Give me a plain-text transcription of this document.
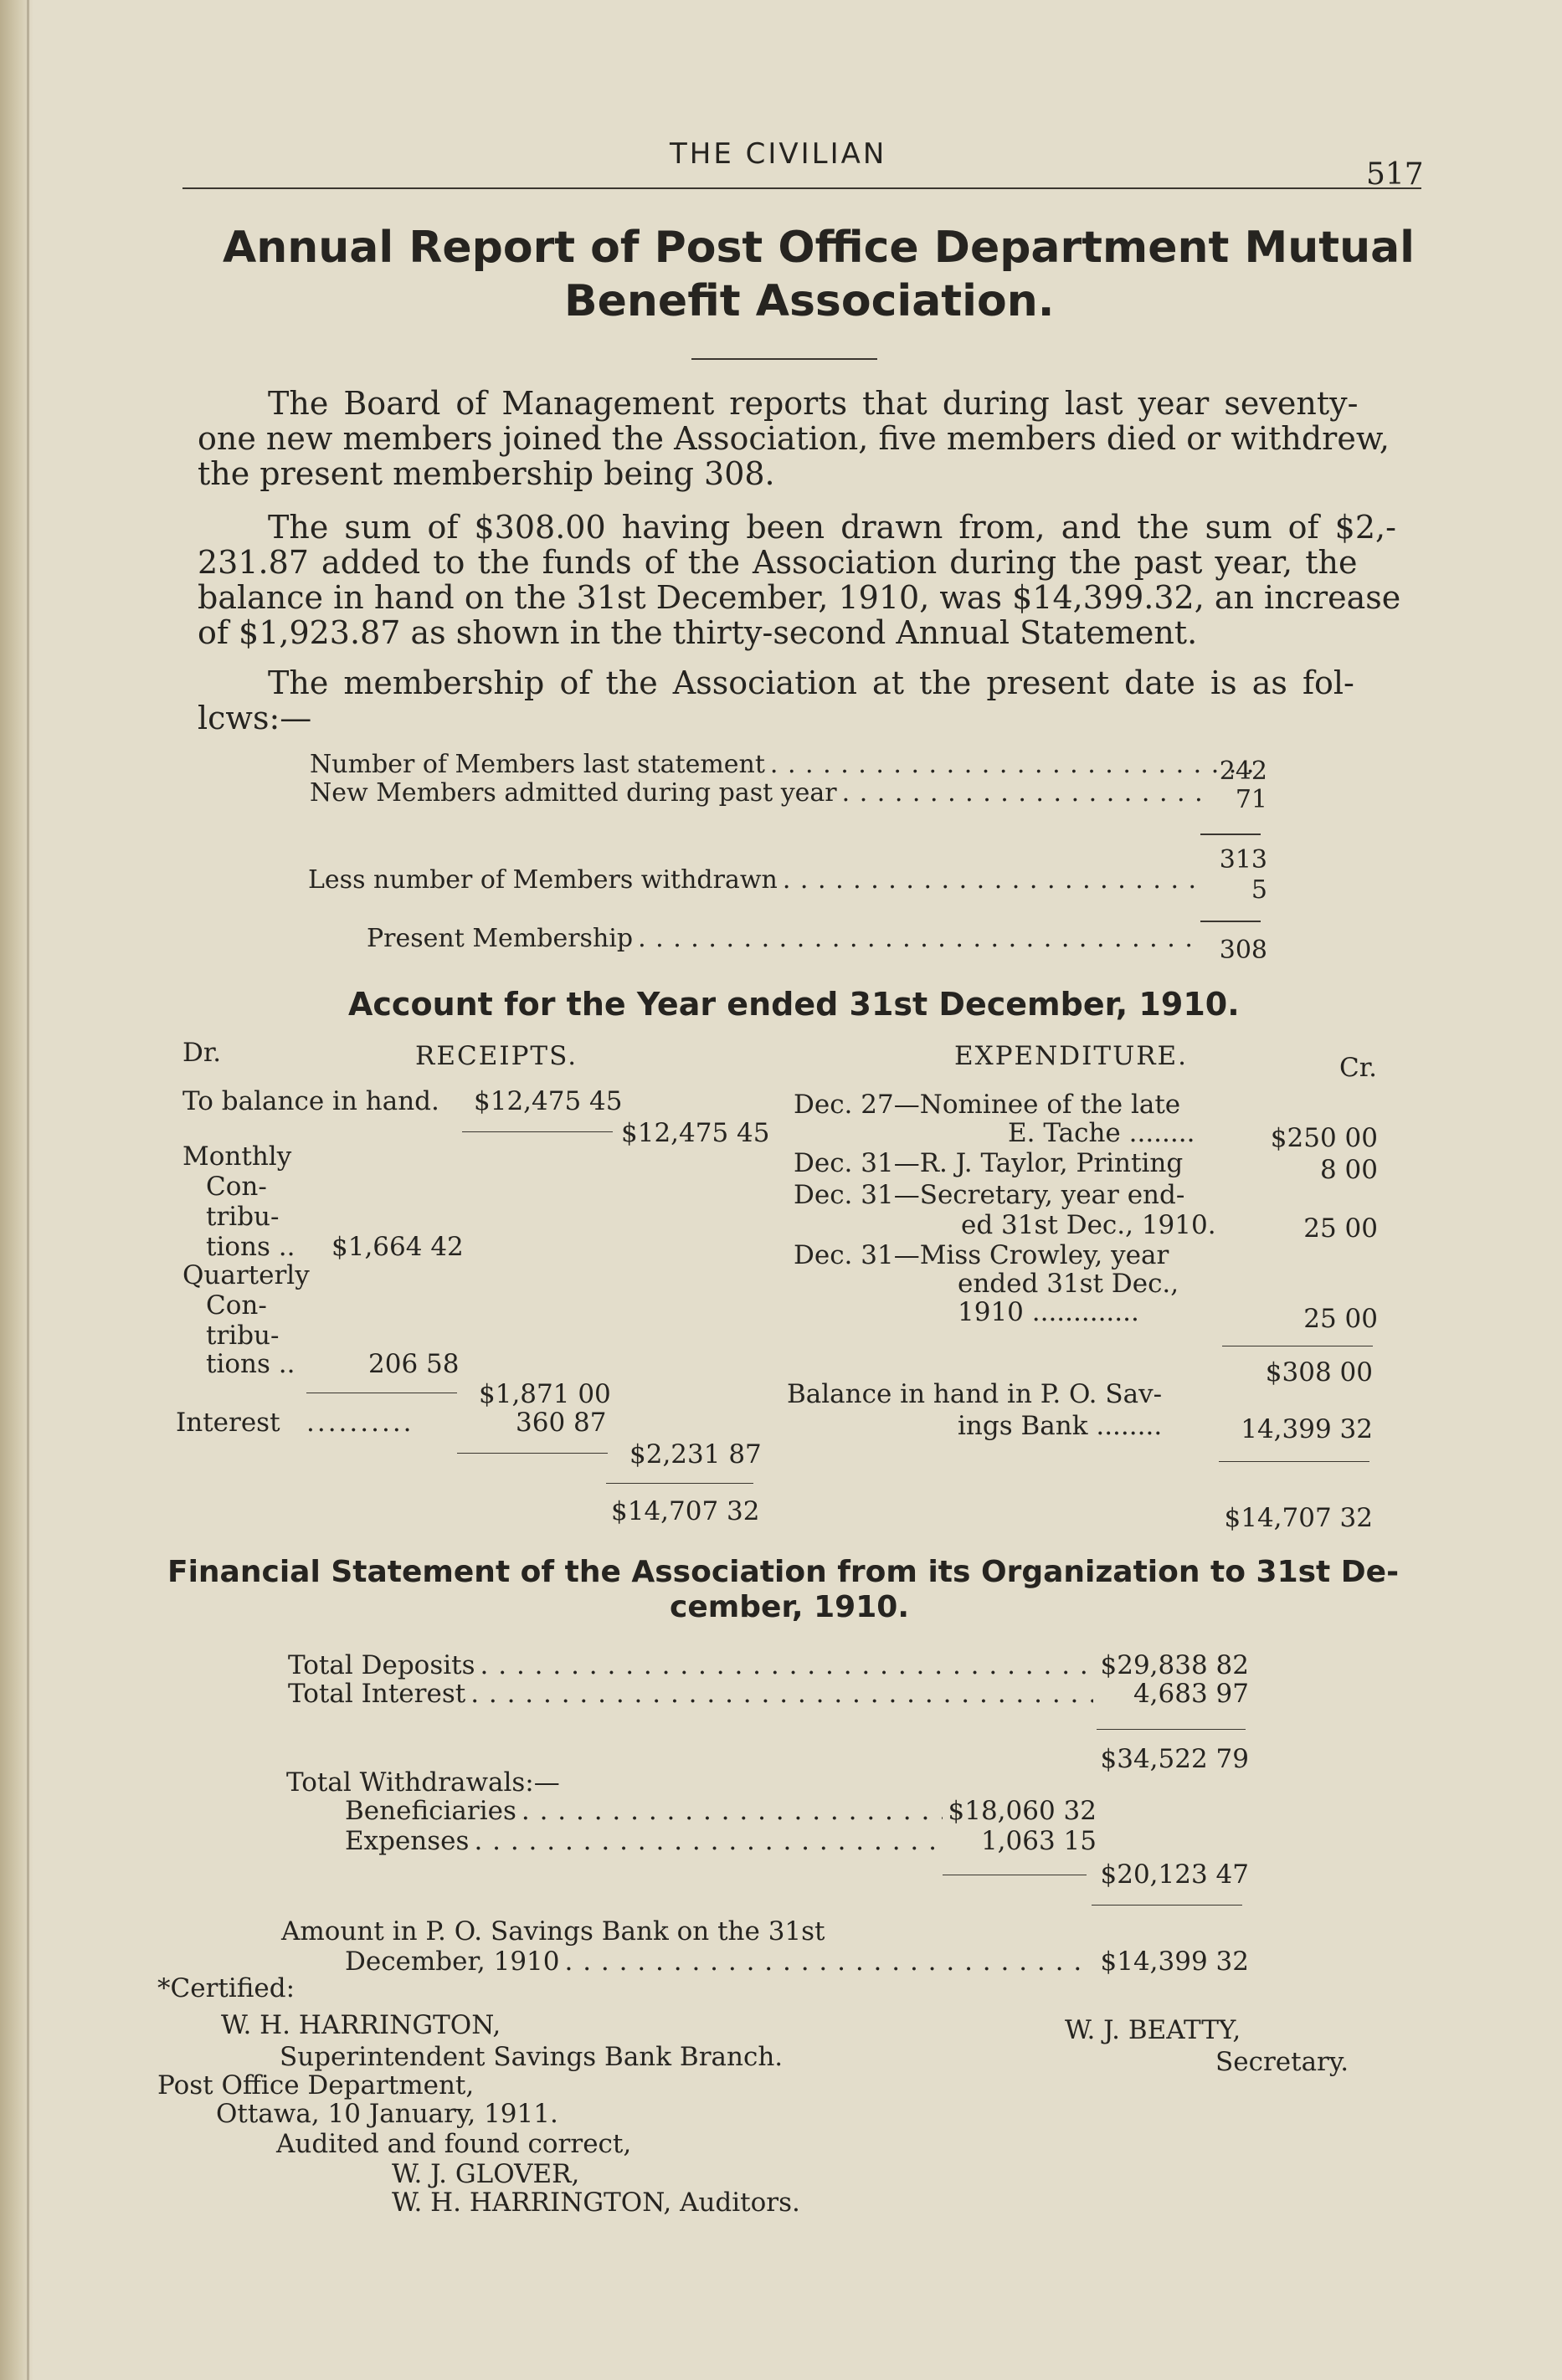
THE CIVILIAN
517
Annual Report of Post Office Department Mutual
Benefit Association.
The Board of Management reports that during last year seventy-
one new members joined the Association, five members died or withdrew,
the present membership being 308.
The sum of $308.00 having been drawn from, and the sum of $2,-
231.87 added to the funds of the Association during the past year, the
balance in hand on the 31st December, 1910, was $14,399.32, an increase
of $1,923.87 as shown in the thirty-second Annual Statement.
The membership of the Association at the present date is as fol-
lcws:—
Number of Members last statement . . .	242
New Members admitted during past year . . .	71
313
Less number of Members withdrawn . . .	5
Present Membership . . .	308
Account for the Year ended 31st December, 1910.
Dr.	RECEIPTS.
To balance in hand. $12,475 45
$12,475 45
Monthly
Con-
tribu-
tions .. $1,664 42
Quarterly
Con-
tribu-
tions ..	206 58
$1,871 00
Interest ..........	360 87
$2,231 87
$14,707 32
EXPENDITURE.	Cr.
Dec. 27—Nominee of the late
E. Tache ........	$250 00
Dec. 31—R. J. Taylor, Printing	8 00
Dec. 31—Secretary, year end-
ed 31st Dec., 1910.	25 00
Dec. 31—Miss Crowley, year
ended 31st Dec.,
1910 .............	25 00
$308 00
Balance in hand in P. O. Sav-
ings Bank ........	14,399 32
$14,707 32
Financial Statement of the Association from its Organization to 31st De-
cember, 1910.
Total Deposits . . .	$29,838 82
Total Interest . . .	4,683 97
$34,522 79
Total Withdrawals:—
Beneficiaries . . .	$18,060 32
Expenses . . .	1,063 15
$20,123 47
Amount in P. O. Savings Bank on the 31st
December, 1910 . . .	$14,399 32
*Certified:
W. H. HARRINGTON,	W. J. BEATTY,
Superintendent Savings Bank Branch.	Secretary.
Post Office Department,
Ottawa, 10 January, 1911.
Audited and found correct,
W. J. GLOVER,
W. H. HARRINGTON, Auditors.
